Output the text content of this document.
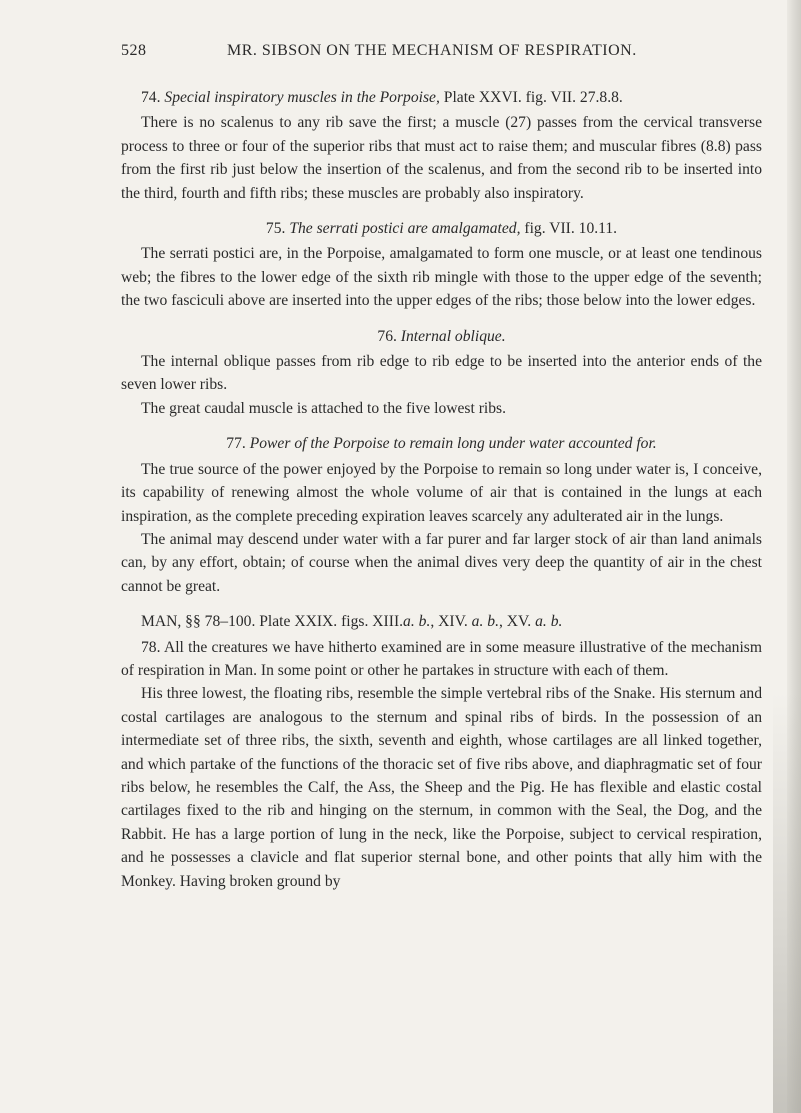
528	MR. SIBSON ON THE MECHANISM OF RESPIRATION.

74. Special inspiratory muscles in the Porpoise, Plate XXVI. fig. VII. 27.8.8.

There is no scalenus to any rib save the first; a muscle (27) passes from the cervical transverse process to three or four of the superior ribs that must act to raise them; and muscular fibres (8.8) pass from the first rib just below the insertion of the scalenus, and from the second rib to be inserted into the third, fourth and fifth ribs; these muscles are probably also inspiratory.

75. The serrati postici are amalgamated, fig. VII. 10.11.

The serrati postici are, in the Porpoise, amalgamated to form one muscle, or at least one tendinous web; the fibres to the lower edge of the sixth rib mingle with those to the upper edge of the seventh; the two fasciculi above are inserted into the upper edges of the ribs; those below into the lower edges.

76. Internal oblique.

The internal oblique passes from rib edge to rib edge to be inserted into the anterior ends of the seven lower ribs.

The great caudal muscle is attached to the five lowest ribs.

77. Power of the Porpoise to remain long under water accounted for.

The true source of the power enjoyed by the Porpoise to remain so long under water is, I conceive, its capability of renewing almost the whole volume of air that is contained in the lungs at each inspiration, as the complete preceding expiration leaves scarcely any adulterated air in the lungs.

The animal may descend under water with a far purer and far larger stock of air than land animals can, by any effort, obtain; of course when the animal dives very deep the quantity of air in the chest cannot be great.

MAN, §§ 78–100. Plate XXIX. figs. XIII.a. b., XIV. a. b., XV. a. b.

78. All the creatures we have hitherto examined are in some measure illustrative of the mechanism of respiration in Man. In some point or other he partakes in structure with each of them.

His three lowest, the floating ribs, resemble the simple vertebral ribs of the Snake. His sternum and costal cartilages are analogous to the sternum and spinal ribs of birds. In the possession of an intermediate set of three ribs, the sixth, seventh and eighth, whose cartilages are all linked together, and which partake of the functions of the thoracic set of five ribs above, and diaphragmatic set of four ribs below, he resembles the Calf, the Ass, the Sheep and the Pig. He has flexible and elastic costal cartilages fixed to the rib and hinging on the sternum, in common with the Seal, the Dog, and the Rabbit. He has a large portion of lung in the neck, like the Porpoise, subject to cervical respiration, and he possesses a clavicle and flat superior sternal bone, and other points that ally him with the Monkey. Having broken ground by
